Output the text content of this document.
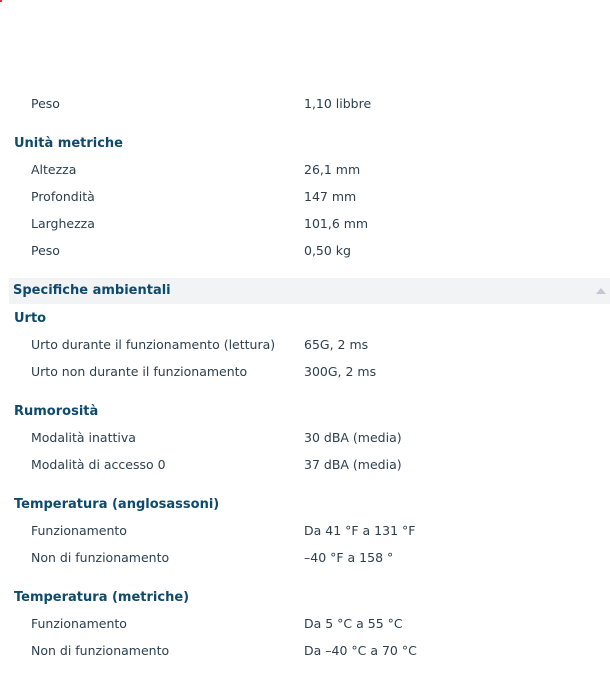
Peso	1,10 libbre
Unità metriche
Altezza	26,1 mm
Profondità	147 mm
Larghezza	101,6 mm
Peso	0,50 kg
Specifiche ambientali
Urto
Urto durante il funzionamento (lettura) 65G, 2 ms
Urto non durante il funzionamento	300G, 2 ms
Rumorosità
Modalità inattiva	30 dBA (media)
Modalità di accesso 0	37 dBA (media)
Temperatura (anglosassoni)
Funzionamento	Da 41 °F a 131 °F
Non di funzionamento	–40 °F a 158 °
Temperatura (metriche)
Funzionamento	Da 5 °C a 55 °C
Non di funzionamento	Da –40 °C a 70 °C
